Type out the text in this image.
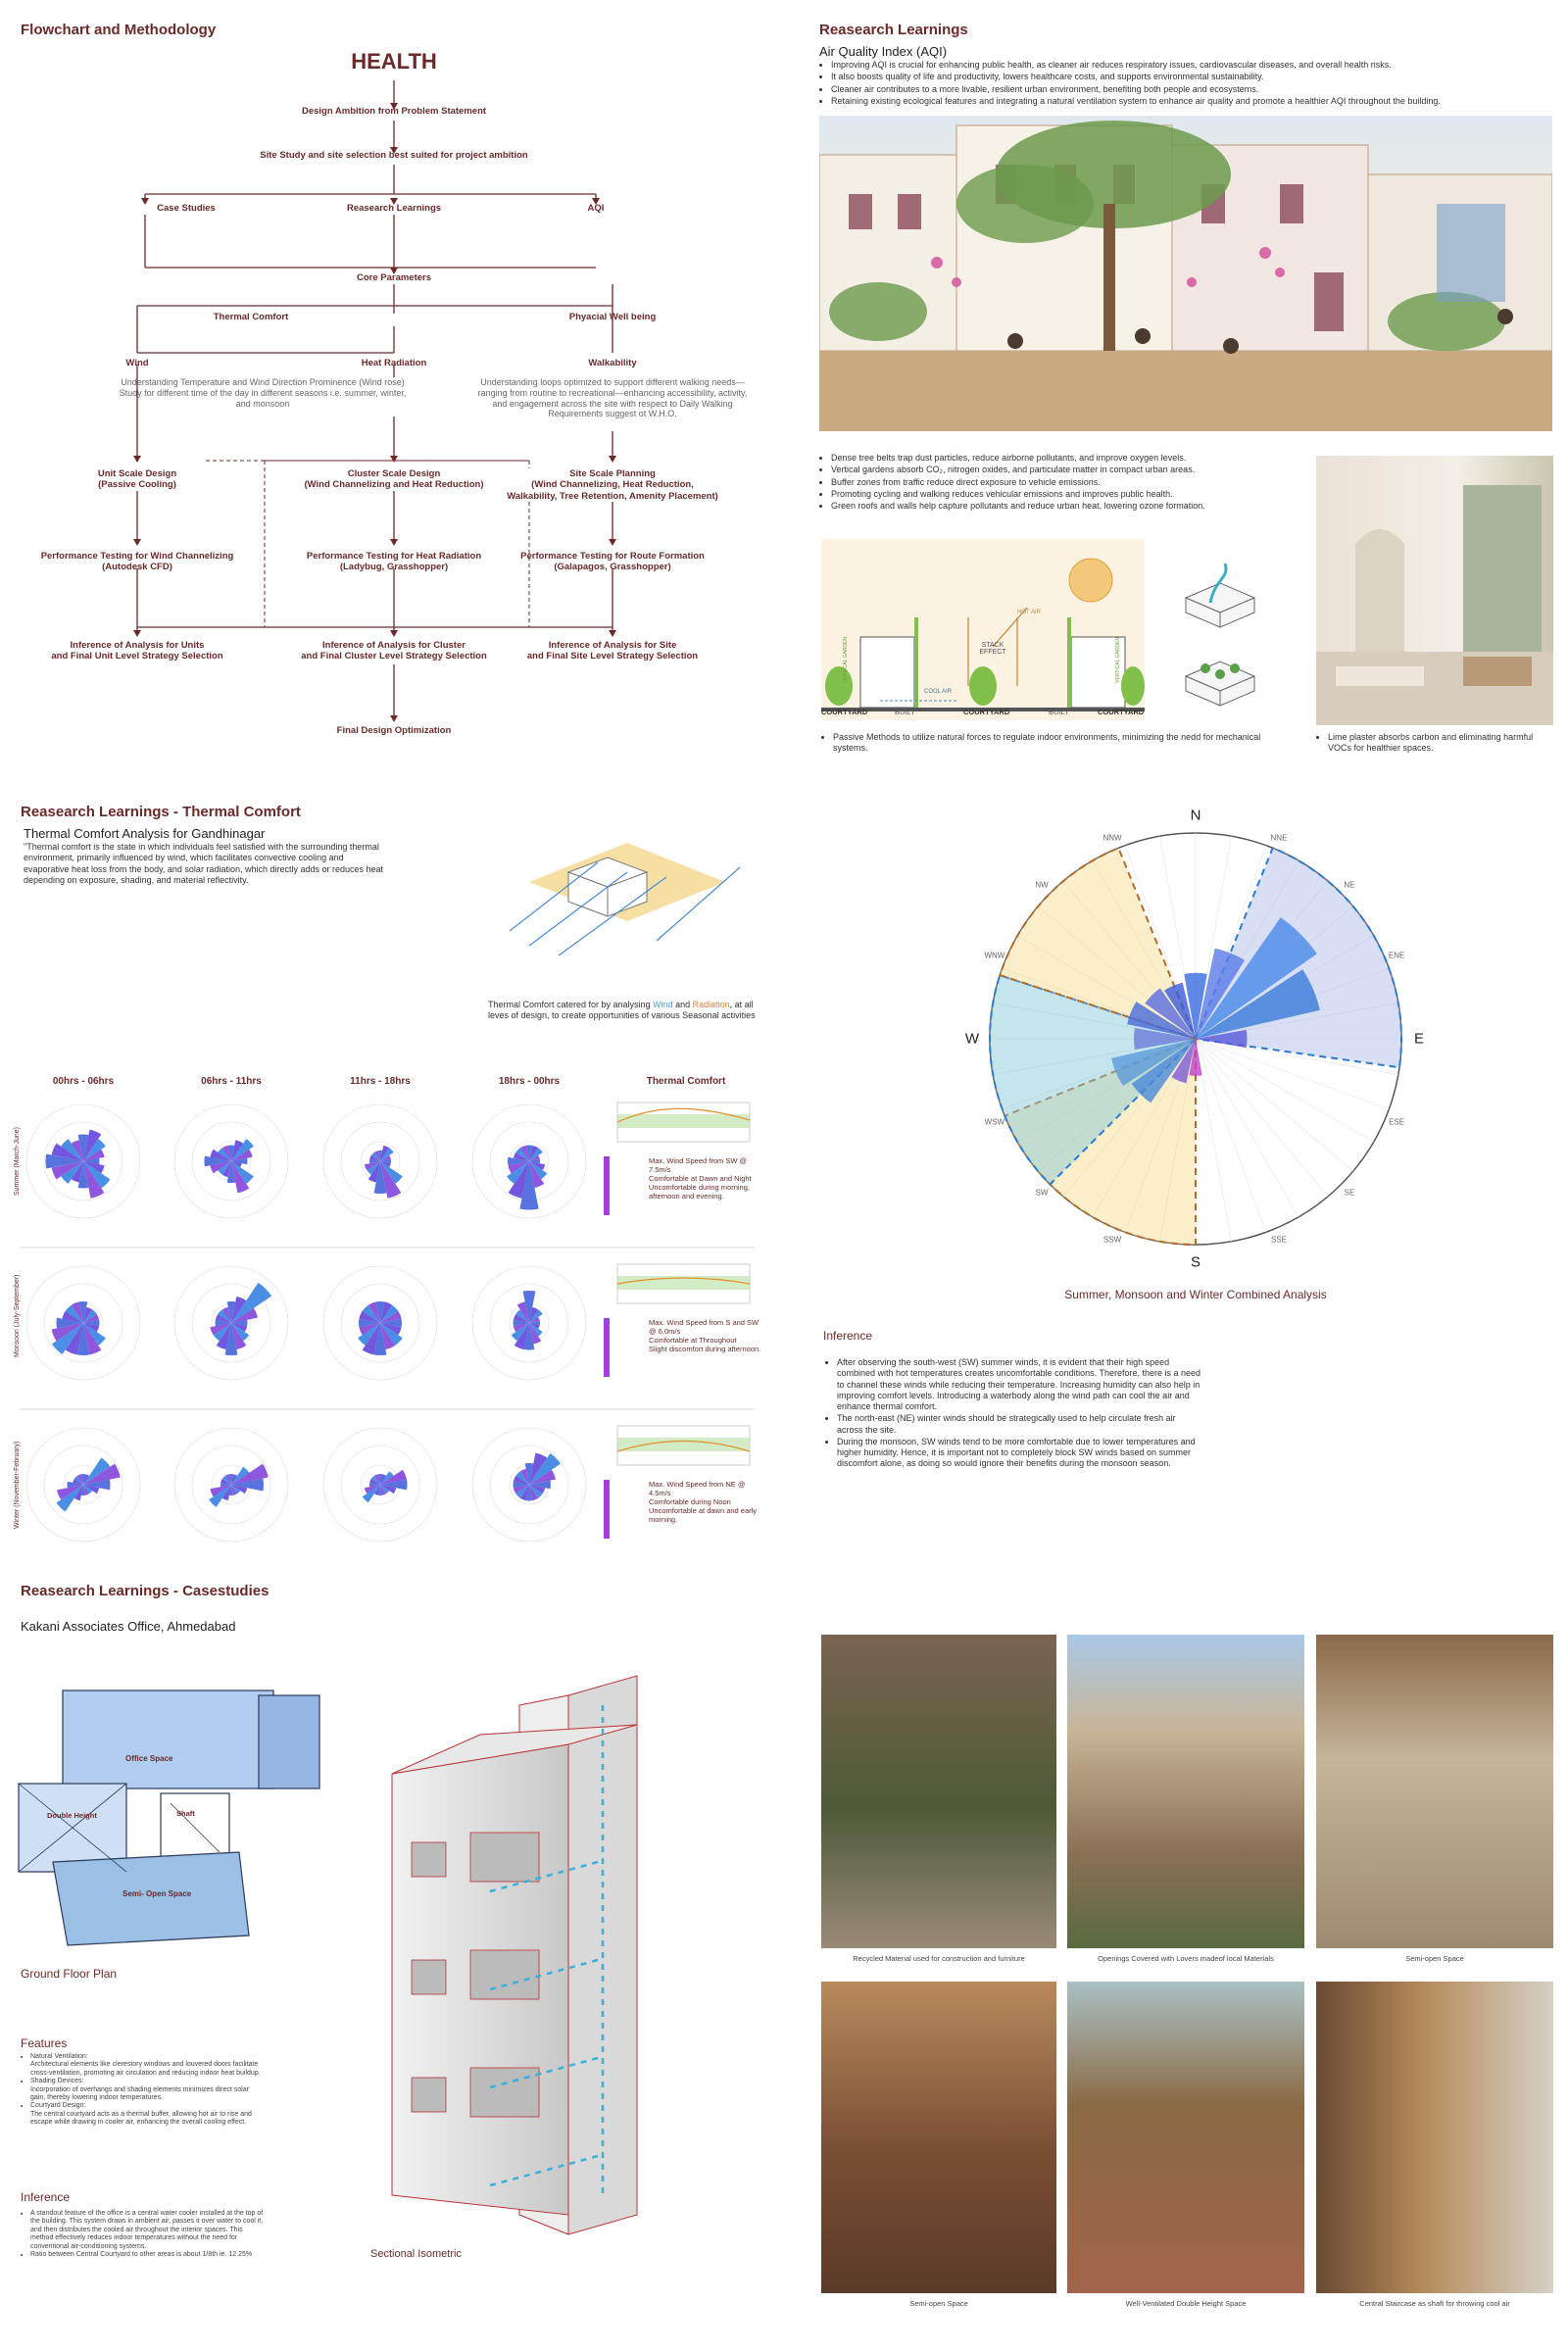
Flowchart and Methodology
HEALTH
Design Ambition from Problem Statement
Site Study and site selection best suited for project ambition
Case Studies	Reasearch Learnings	AQI
Core Parameters
Thermal Comfort	Phyacial Well being
Wind	Heat Radiation	Walkability
Understanding Temperature and Wind Direction Prominence (Wind rose) Study for different time of the day in different seasons i.e. summer, winter, and monsoon
Understanding loops optimized to support different walking needs—ranging from routine to recreational—enhancing accessibility, activity, and engagement across the site with respect to Daily Walking Requirements suggest ot W.H.O.
Unit Scale Design
(Passive Cooling)
Cluster Scale Design
(Wind Channelizing and Heat Reduction)
Site Scale Planning
(Wind Channelizing, Heat Reduction,
Walkability, Tree Retention, Amenity Placement)
Performance Testing for Wind Channelizing
(Autodesk CFD)
Performance Testing for Heat Radiation
(Ladybug, Grasshopper)
Performance Testing for Route Formation
(Galapagos, Grasshopper)
Inference of Analysis for Units
and Final Unit Level Strategy Selection
Inference of Analysis for Cluster
and Final Cluster Level Strategy Selection
Inference of Analysis for Site
and Final Site Level Strategy Selection
Final Design Optimization
Reasearch Learnings
Air Quality Index (AQI)
• Improving AQI is crucial for enhancing public health, as cleaner air reduces respiratory issues, cardiovascular diseases, and overall health risks.
• It also boosts quality of life and productivity, lowers healthcare costs, and supports environmental sustainability.
• Cleaner air contributes to a more livable, resilient urban environment, benefiting both people and ecosystems.
• Retaining existing ecological features and integrating a natural ventilation system to enhance air quality and promote a healthier AQI throughout the building.
• Dense tree belts trap dust particles, reduce airborne pollutants, and improve oxygen levels.
• Vertical gardens absorb CO₂, nitrogen oxides, and particulate matter in compact urban areas.
• Buffer zones from traffic reduce direct exposure to vehicle emissions.
• Promoting cycling and walking reduces vehicular emissions and improves public health.
• Green roofs and walls help capture pollutants and reduce urban heat, lowering ozone formation.
COURTYARD	BUILT	COURTYARD	BUILT	COURTYARD
COOL AIR
HOT AIR
STACK EFFECT
VERTICAL GARDEN	VERTICAL GARDEN
• Passive Methods to utilize natural forces to regulate indoor environments, minimizing the nedd for mechanical systems.
• Lime plaster absorbs carbon and eliminating harmful VOCs for healthier spaces.
Reasearch Learnings - Thermal Comfort
Thermal Comfort Analysis for Gandhinagar
"Thermal comfort is the state in which individuals feel satisfied with the surrounding thermal environment, primarily influenced by wind, which facilitates convective cooling and evaporative heat loss from the body, and solar radiation, which directly adds or reduces heat depending on exposure, shading, and material reflectivity.
Thermal Comfort catered for by analysing Wind and Radiation, at all leves of design, to create opportunities of various Seasonal activities
00hrs - 06hrs	06hrs - 11hrs	11hrs - 18hrs	18hrs - 00hrs	Thermal Comfort
Summer (March-June)
Monsoon (July-September)
Winter (November-February)
Max. Wind Speed from SW @ 7.5m/s
Comfortable at Dawn and Night
Uncomfortable during morning, afternoon and evening.
Max. Wind Speed from S and SW @ 6.0m/s
Comfortable at Throughout
Slight discomfort during afternoon.
Max. Wind Speed from NE @ 4.5m/s
Comfortable during Noon
Uncomfortable at dawn and early morning.
N
NNE
NE
ENE
E
ESE
SE
SSE
S
SSW
SW
WSW
W
WNW
NW
NNW
Summer, Monsoon and Winter Combined Analysis
Inference
• After observing the south-west (SW) summer winds, it is evident that their high speed combined with hot temperatures creates uncomfortable conditions. Therefore, there is a need to channel these winds while reducing their temperature. Increasing humidity can also help in improving comfort levels. Introducing a waterbody along the wind path can cool the air and enhance thermal comfort.
• The north-east (NE) winter winds should be strategically used to help circulate fresh air across the site.
• During the monsoon, SW winds tend to be more comfortable due to lower temperatures and higher humidity. Hence, it is important not to completely block SW winds based on summer discomfort alone, as doing so would ignore their benefits during the monsoon season.
Reasearch Learnings - Casestudies
Kakani Associates Office, Ahmedabad
Office Space
Double Height	Shaft
Semi- Open Space
Ground Floor Plan
Features
• Natural Ventilation:
Architectural elements like clerestory windows and louvered doors facilitate cross-ventilation, promoting air circulation and reducing indoor heat buildup.
• Shading Devices:
Incorporation of overhangs and shading elements minimizes direct solar gain, thereby lowering indoor temperatures.
• Courtyard Design:
The central courtyard acts as a thermal buffer, allowing hot air to rise and escape while drawing in cooler air, enhancing the overall cooling effect.
Inference
• A standout feature of the office is a central water cooler installed at the top of the building. This system draws in ambient air, passes it over water to cool it, and then distributes the cooled air throughout the interior spaces. This method effectively reduces indoor temperatures without the need for conventional air-conditioning systems.
• Ratio between Central Courtyard to other areas is about 1/8th ie. 12.25%	Sectional Isometric
Recycled Material used for construction and furniture	Openings Covered with Lovers madeof local Materials	Semi-open Space
Semi-open Space	Well-Ventilated Double Height Space	Central Staircase as shaft for throwing cool air
